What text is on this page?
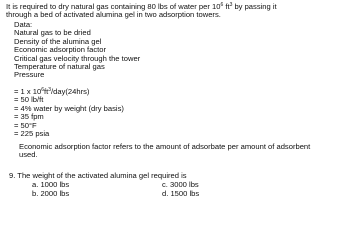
It is required to dry natural gas containing 80 lbs of water per $10^6$ $ft^3$ by passing it
through a bed of activated alumina gel in two adsorption towers.
Data:
Natural gas to be dried
Density of the alumina gel
Economic adsorption factor
Critical gas velocity through the tower
Temperature of natural gas
Pressure
= 1 x $10^6ft^3/day(24hrs)$
= 50 lb/ft
= 4% water by weight (dry basis)
= 35 fpm
= 50°F
= 225 psia
Economic adsorption factor refers to the amount of adsorbate per amount of adsorbent
used.
9. The weight of the activated alumina gel required is
a. 1000 lbs
b. 2000 lbs
c. 3000 lbs
d. 1500 lbs
